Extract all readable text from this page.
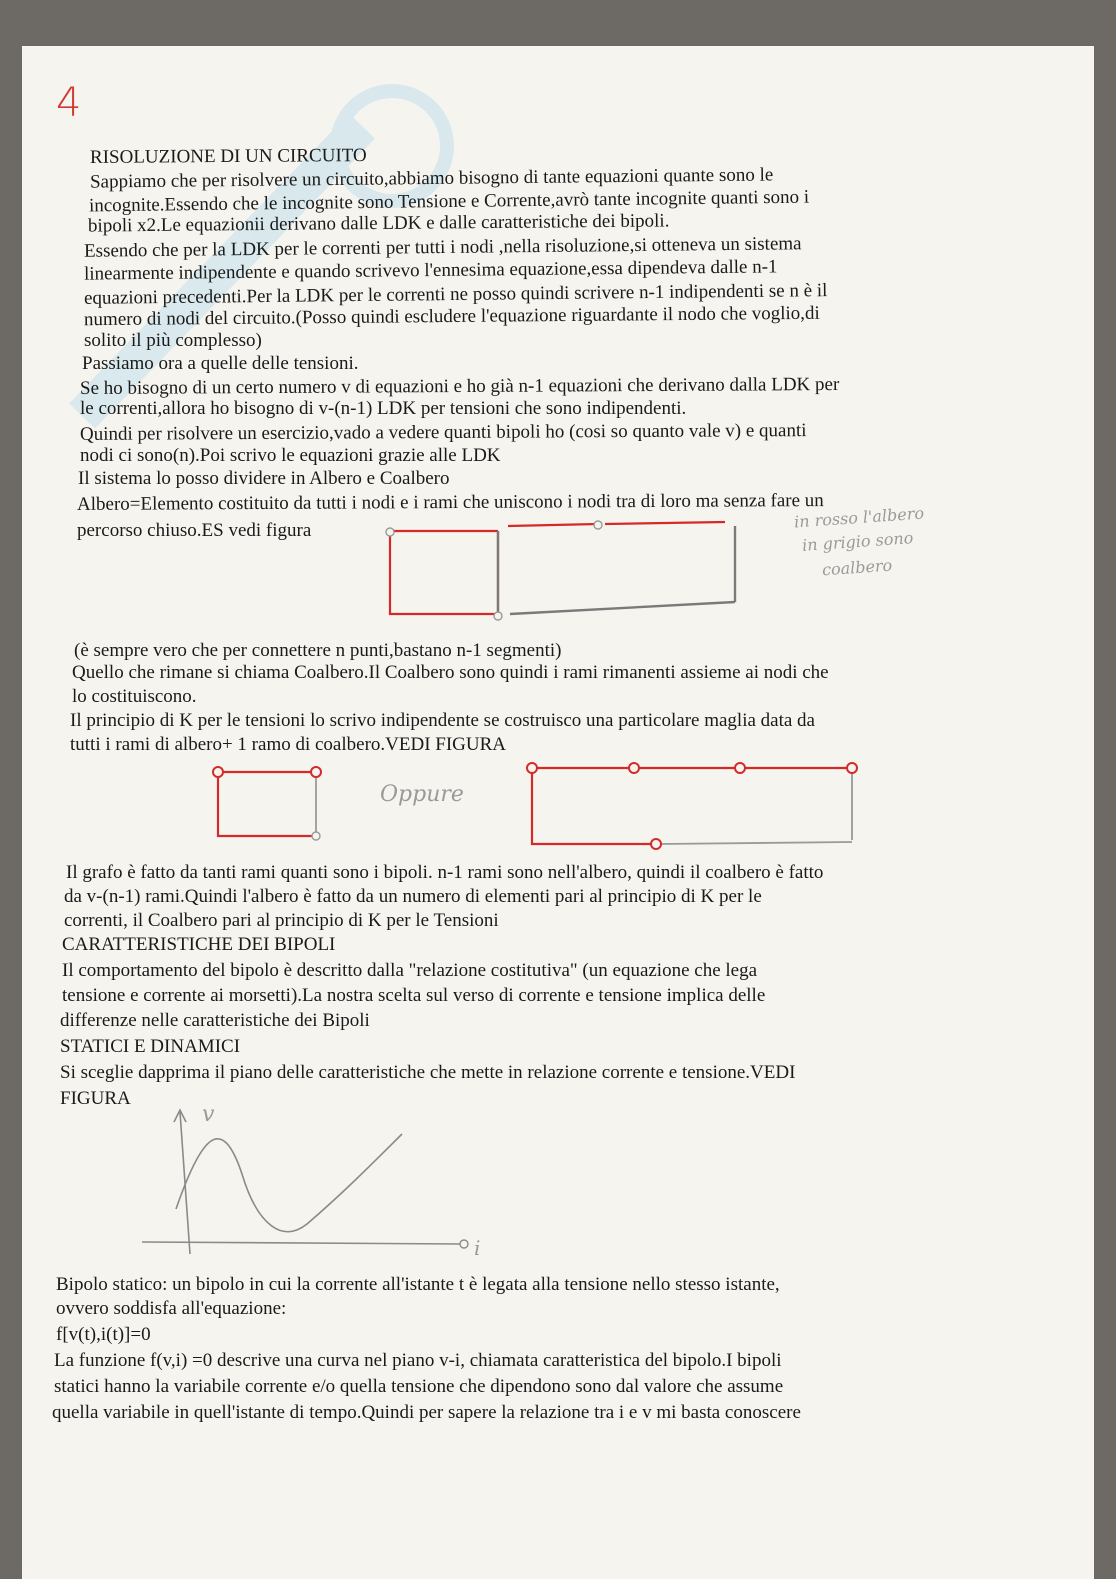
4
RISOLUZIONE DI UN CIRCUITO
Sappiamo che per risolvere un circuito,abbiamo bisogno di tante equazioni quante sono le
incognite.Essendo che le incognite sono Tensione e Corrente,avrò tante incognite quanti sono i
bipoli x2.Le equazionii derivano dalle LDK e dalle caratteristiche dei bipoli.
Essendo che per la LDK per le correnti per tutti i nodi ,nella risoluzione,si otteneva un sistema
linearmente indipendente e quando scrivevo l'ennesima equazione,essa dipendeva dalle n-1
equazioni precedenti.Per la LDK per le correnti ne posso quindi scrivere n-1 indipendenti se n è il
numero di nodi del circuito.(Posso quindi escludere l'equazione riguardante il nodo che voglio,di
solito il più complesso)
Passiamo ora a quelle delle tensioni.
Se ho bisogno di un certo numero v di equazioni e ho già n-1 equazioni che derivano dalla LDK per
le correnti,allora ho bisogno di v-(n-1) LDK per tensioni che sono indipendenti.
Quindi per risolvere un esercizio,vado a vedere quanti bipoli ho (cosi so quanto vale v) e quanti
nodi ci sono(n).Poi scrivo le equazioni grazie alle LDK
Il sistema lo posso dividere in Albero e Coalbero
Albero=Elemento costituito da tutti i nodi e i rami che uniscono i nodi tra di loro ma senza fare un
percorso chiuso.ES vedi figura	in rosso l'albero
in grigio sono
coalbero
(è sempre vero che per connettere n punti,bastano n-1 segmenti)
Quello che rimane si chiama Coalbero.Il Coalbero sono quindi i rami rimanenti assieme ai nodi che
lo costituiscono.
Il principio di K per le tensioni lo scrivo indipendente se costruisco una particolare maglia data da
tutti i rami di albero+ 1 ramo di coalbero.VEDI FIGURA
Oppure
Il grafo è fatto da tanti rami quanti sono i bipoli. n-1 rami sono nell'albero, quindi il coalbero è fatto
da v-(n-1) rami.Quindi l'albero è fatto da un numero di elementi pari al principio di K per le
correnti, il Coalbero pari al principio di K per le Tensioni
CARATTERISTICHE DEI BIPOLI
Il comportamento del bipolo è descritto dalla "relazione costitutiva" (un equazione che lega
tensione e corrente ai morsetti).La nostra scelta sul verso di corrente e tensione implica delle
differenze nelle caratteristiche dei Bipoli
STATICI E DINAMICI
Si sceglie dapprima il piano delle caratteristiche che mette in relazione corrente e tensione.VEDI
FIGURA
v
i
Bipolo statico: un bipolo in cui la corrente all'istante t è legata alla tensione nello stesso istante,
ovvero soddisfa all'equazione:
f[v(t),i(t)]=0
La funzione f(v,i) =0 descrive una curva nel piano v-i, chiamata caratteristica del bipolo.I bipoli
statici hanno la variabile corrente e/o quella tensione che dipendono sono dal valore che assume
quella variabile in quell'istante di tempo.Quindi per sapere la relazione tra i e v mi basta conoscere
